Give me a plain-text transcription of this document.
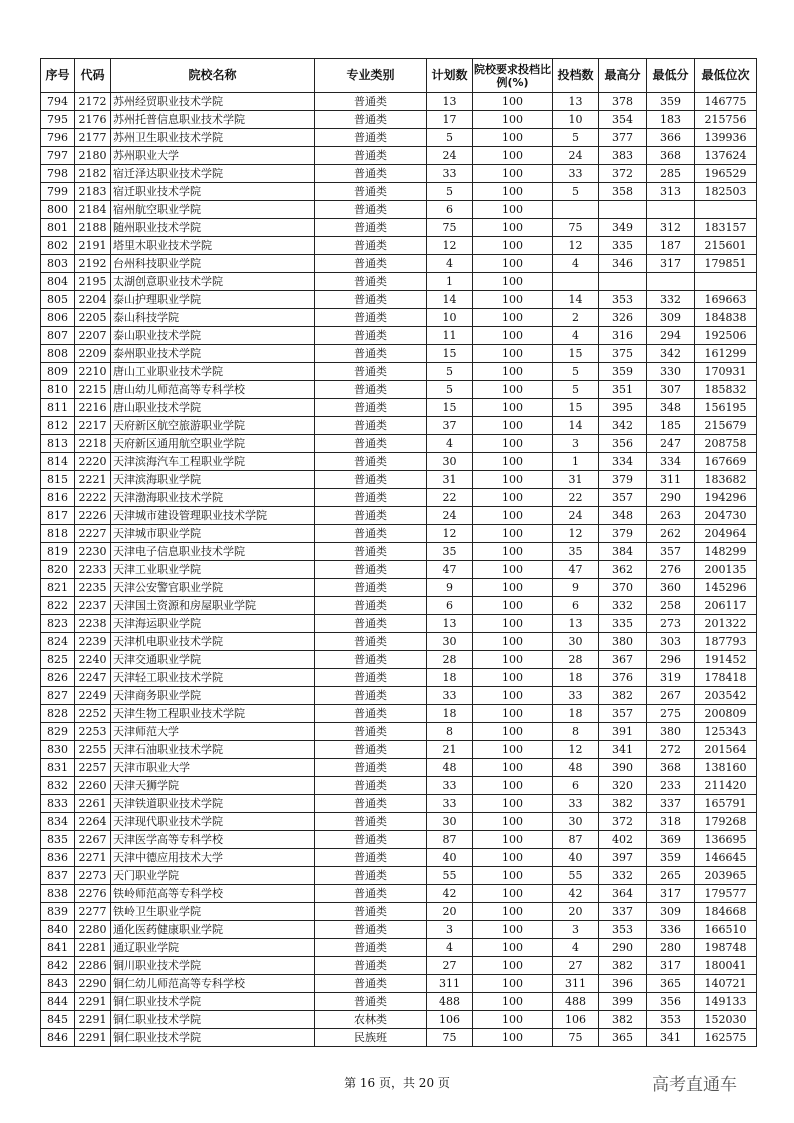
序号	代码	院校名称	专业类别	计划数	院校要求投档比例(%)	投档数	最高分	最低分	最低位次
794	2172	苏州经贸职业技术学院	普通类	13	100	13	378	359	146775
795	2176	苏州托普信息职业技术学院	普通类	17	100	10	354	183	215756
796	2177	苏州卫生职业技术学院	普通类	5	100	5	377	366	139936
797	2180	苏州职业大学	普通类	24	100	24	383	368	137624
798	2182	宿迁泽达职业技术学院	普通类	33	100	33	372	285	196529
799	2183	宿迁职业技术学院	普通类	5	100	5	358	313	182503
800	2184	宿州航空职业学院	普通类	6	100				
801	2188	随州职业技术学院	普通类	75	100	75	349	312	183157
802	2191	塔里木职业技术学院	普通类	12	100	12	335	187	215601
803	2192	台州科技职业学院	普通类	4	100	4	346	317	179851
804	2195	太湖创意职业技术学院	普通类	1	100				
805	2204	泰山护理职业学院	普通类	14	100	14	353	332	169663
806	2205	泰山科技学院	普通类	10	100	2	326	309	184838
807	2207	泰山职业技术学院	普通类	11	100	4	316	294	192506
808	2209	泰州职业技术学院	普通类	15	100	15	375	342	161299
809	2210	唐山工业职业技术学院	普通类	5	100	5	359	330	170931
810	2215	唐山幼儿师范高等专科学校	普通类	5	100	5	351	307	185832
811	2216	唐山职业技术学院	普通类	15	100	15	395	348	156195
812	2217	天府新区航空旅游职业学院	普通类	37	100	14	342	185	215679
813	2218	天府新区通用航空职业学院	普通类	4	100	3	356	247	208758
814	2220	天津滨海汽车工程职业学院	普通类	30	100	1	334	334	167669
815	2221	天津滨海职业学院	普通类	31	100	31	379	311	183682
816	2222	天津渤海职业技术学院	普通类	22	100	22	357	290	194296
817	2226	天津城市建设管理职业技术学院	普通类	24	100	24	348	263	204730
818	2227	天津城市职业学院	普通类	12	100	12	379	262	204964
819	2230	天津电子信息职业技术学院	普通类	35	100	35	384	357	148299
820	2233	天津工业职业学院	普通类	47	100	47	362	276	200135
821	2235	天津公安警官职业学院	普通类	9	100	9	370	360	145296
822	2237	天津国土资源和房屋职业学院	普通类	6	100	6	332	258	206117
823	2238	天津海运职业学院	普通类	13	100	13	335	273	201322
824	2239	天津机电职业技术学院	普通类	30	100	30	380	303	187793
825	2240	天津交通职业学院	普通类	28	100	28	367	296	191452
826	2247	天津轻工职业技术学院	普通类	18	100	18	376	319	178418
827	2249	天津商务职业学院	普通类	33	100	33	382	267	203542
828	2252	天津生物工程职业技术学院	普通类	18	100	18	357	275	200809
829	2253	天津师范大学	普通类	8	100	8	391	380	125343
830	2255	天津石油职业技术学院	普通类	21	100	12	341	272	201564
831	2257	天津市职业大学	普通类	48	100	48	390	368	138160
832	2260	天津天狮学院	普通类	33	100	6	320	233	211420
833	2261	天津铁道职业技术学院	普通类	33	100	33	382	337	165791
834	2264	天津现代职业技术学院	普通类	30	100	30	372	318	179268
835	2267	天津医学高等专科学校	普通类	87	100	87	402	369	136695
836	2271	天津中德应用技术大学	普通类	40	100	40	397	359	146645
837	2273	天门职业学院	普通类	55	100	55	332	265	203965
838	2276	铁岭师范高等专科学校	普通类	42	100	42	364	317	179577
839	2277	铁岭卫生职业学院	普通类	20	100	20	337	309	184668
840	2280	通化医药健康职业学院	普通类	3	100	3	353	336	166510
841	2281	通辽职业学院	普通类	4	100	4	290	280	198748
842	2286	铜川职业技术学院	普通类	27	100	27	382	317	180041
843	2290	铜仁幼儿师范高等专科学校	普通类	311	100	311	396	365	140721
844	2291	铜仁职业技术学院	普通类	488	100	488	399	356	149133
845	2291	铜仁职业技术学院	农林类	106	100	106	382	353	152030
846	2291	铜仁职业技术学院	民族班	75	100	75	365	341	162575
第 16 页，共 20 页	高考直通车
